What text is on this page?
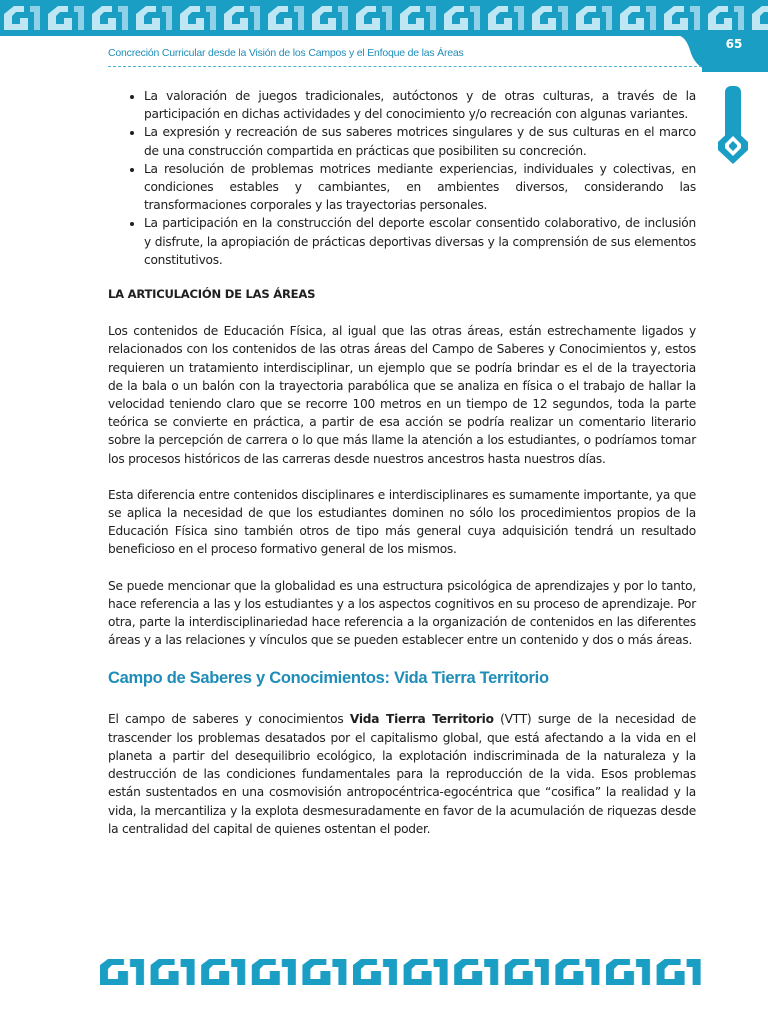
65
Concreción Curricular desde la Visión de los Campos y el Enfoque de las Áreas
• La valoración de juegos tradicionales, autóctonos y de otras culturas, a través de la participación en dichas actividades y del conocimiento y/o recreación con algunas variantes.
• La expresión y recreación de sus saberes motrices singulares y de sus culturas en el marco de una construcción compartida en prácticas que posibiliten su concreción.
• La resolución de problemas motrices mediante experiencias, individuales y colectivas, en condiciones estables y cambiantes, en ambientes diversos, considerando las transformaciones corporales y las trayectorias personales.
• La participación en la construcción del deporte escolar consentido colaborativo, de inclusión y disfrute, la apropiación de prácticas deportivas diversas y la comprensión de sus elementos constitutivos.

LA ARTICULACIÓN DE LAS ÁREAS

Los contenidos de Educación Física, al igual que las otras áreas, están estrechamente ligados y relacionados con los contenidos de las otras áreas del Campo de Saberes y Conocimientos y, estos requieren un tratamiento interdisciplinar, un ejemplo que se podría brindar es el de la trayectoria de la bala o un balón con la trayectoria parabólica que se analiza en física o el trabajo de hallar la velocidad teniendo claro que se recorre 100 metros en un tiempo de 12 segundos, toda la parte teórica se convierte en práctica, a partir de esa acción se podría realizar un comentario literario sobre la percepción de carrera o lo que más llame la atención a los estudiantes, o podríamos tomar los procesos históricos de las carreras desde nuestros ancestros hasta nuestros días.

Esta diferencia entre contenidos disciplinares e interdisciplinares es sumamente importante, ya que se aplica la necesidad de que los estudiantes dominen no sólo los procedimientos propios de la Educación Física sino también otros de tipo más general cuya adquisición tendrá un resultado beneficioso en el proceso formativo general de los mismos.

Se puede mencionar que la globalidad es una estructura psicológica de aprendizajes y por lo tanto, hace referencia a las y los estudiantes y a los aspectos cognitivos en su proceso de aprendizaje. Por otra, parte la interdisciplinariedad hace referencia a la organización de contenidos en las diferentes áreas y a las relaciones y vínculos que se pueden establecer entre un contenido y dos o más áreas.

Campo de Saberes y Conocimientos: Vida Tierra Territorio

El campo de saberes y conocimientos Vida Tierra Territorio (VTT) surge de la necesidad de trascender los problemas desatados por el capitalismo global, que está afectando a la vida en el planeta a partir del desequilibrio ecológico, la explotación indiscriminada de la naturaleza y la destrucción de las condiciones fundamentales para la reproducción de la vida. Esos problemas están sustentados en una cosmovisión antropocéntrica-egocéntrica que “cosifica” la realidad y la vida, la mercantiliza y la explota desmesuradamente en favor de la acumulación de riquezas desde la centralidad del capital de quienes ostentan el poder.
